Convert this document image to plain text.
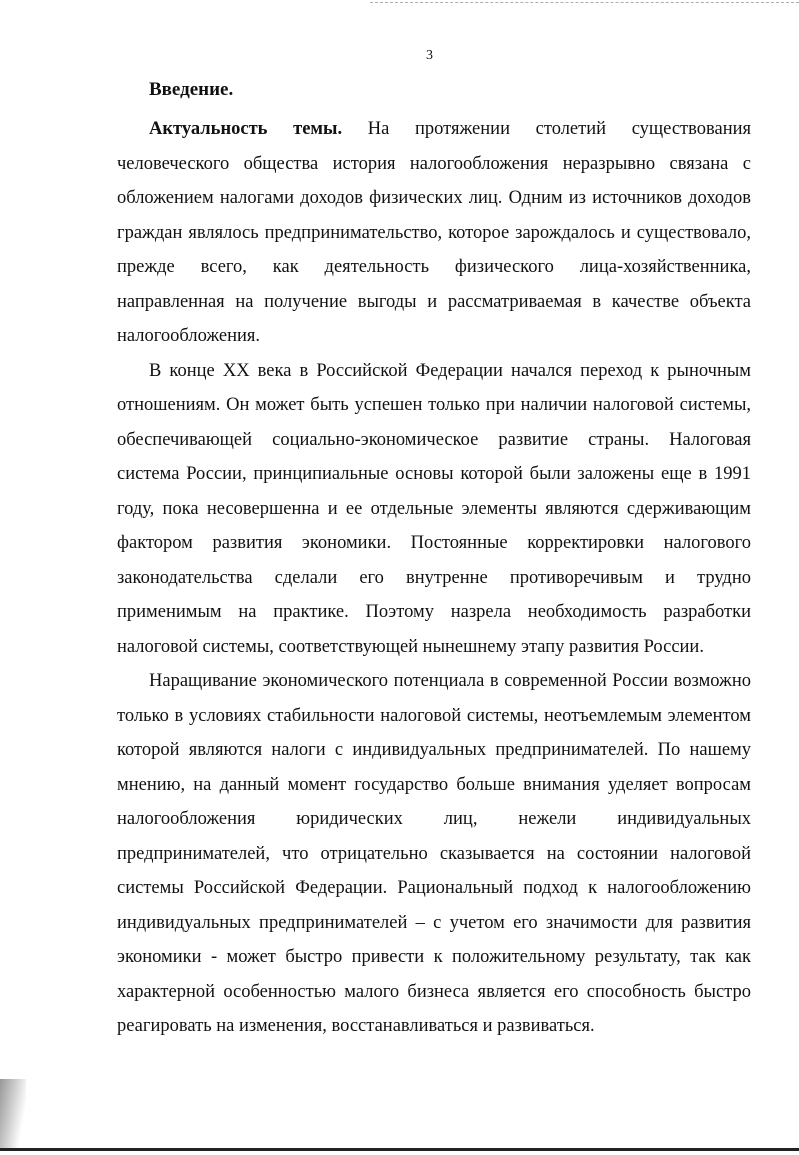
3
Введение.

Актуальность темы. На протяжении столетий существования человеческого общества история налогообложения неразрывно связана с обложением налогами доходов физических лиц. Одним из источников доходов граждан являлось предпринимательство, которое зарождалось и существовало, прежде всего, как деятельность физического лица-хозяйственника, направленная на получение выгоды и рассматриваемая в качестве объекта налогообложения.

В конце XX века в Российской Федерации начался переход к рыночным отношениям. Он может быть успешен только при наличии налоговой системы, обеспечивающей социально-экономическое развитие страны. Налоговая система России, принципиальные основы которой были заложены еще в 1991 году, пока несовершенна и ее отдельные элементы являются сдерживающим фактором развития экономики. Постоянные корректировки налогового законодательства сделали его внутренне противоречивым и трудно применимым на практике. Поэтому назрела необходимость разработки налоговой системы, соответствующей нынешнему этапу развития России.

Наращивание экономического потенциала в современной России возможно только в условиях стабильности налоговой системы, неотъемлемым элементом которой являются налоги с индивидуальных предпринимателей. По нашему мнению, на данный момент государство больше внимания уделяет вопросам налогообложения юридических лиц, нежели индивидуальных предпринимателей, что отрицательно сказывается на состоянии налоговой системы Российской Федерации. Рациональный подход к налогообложению индивидуальных предпринимателей – с учетом его значимости для развития экономики - может быстро привести к положительному результату, так как характерной особенностью малого бизнеса является его способность быстро реагировать на изменения, восстанавливаться и развиваться.
